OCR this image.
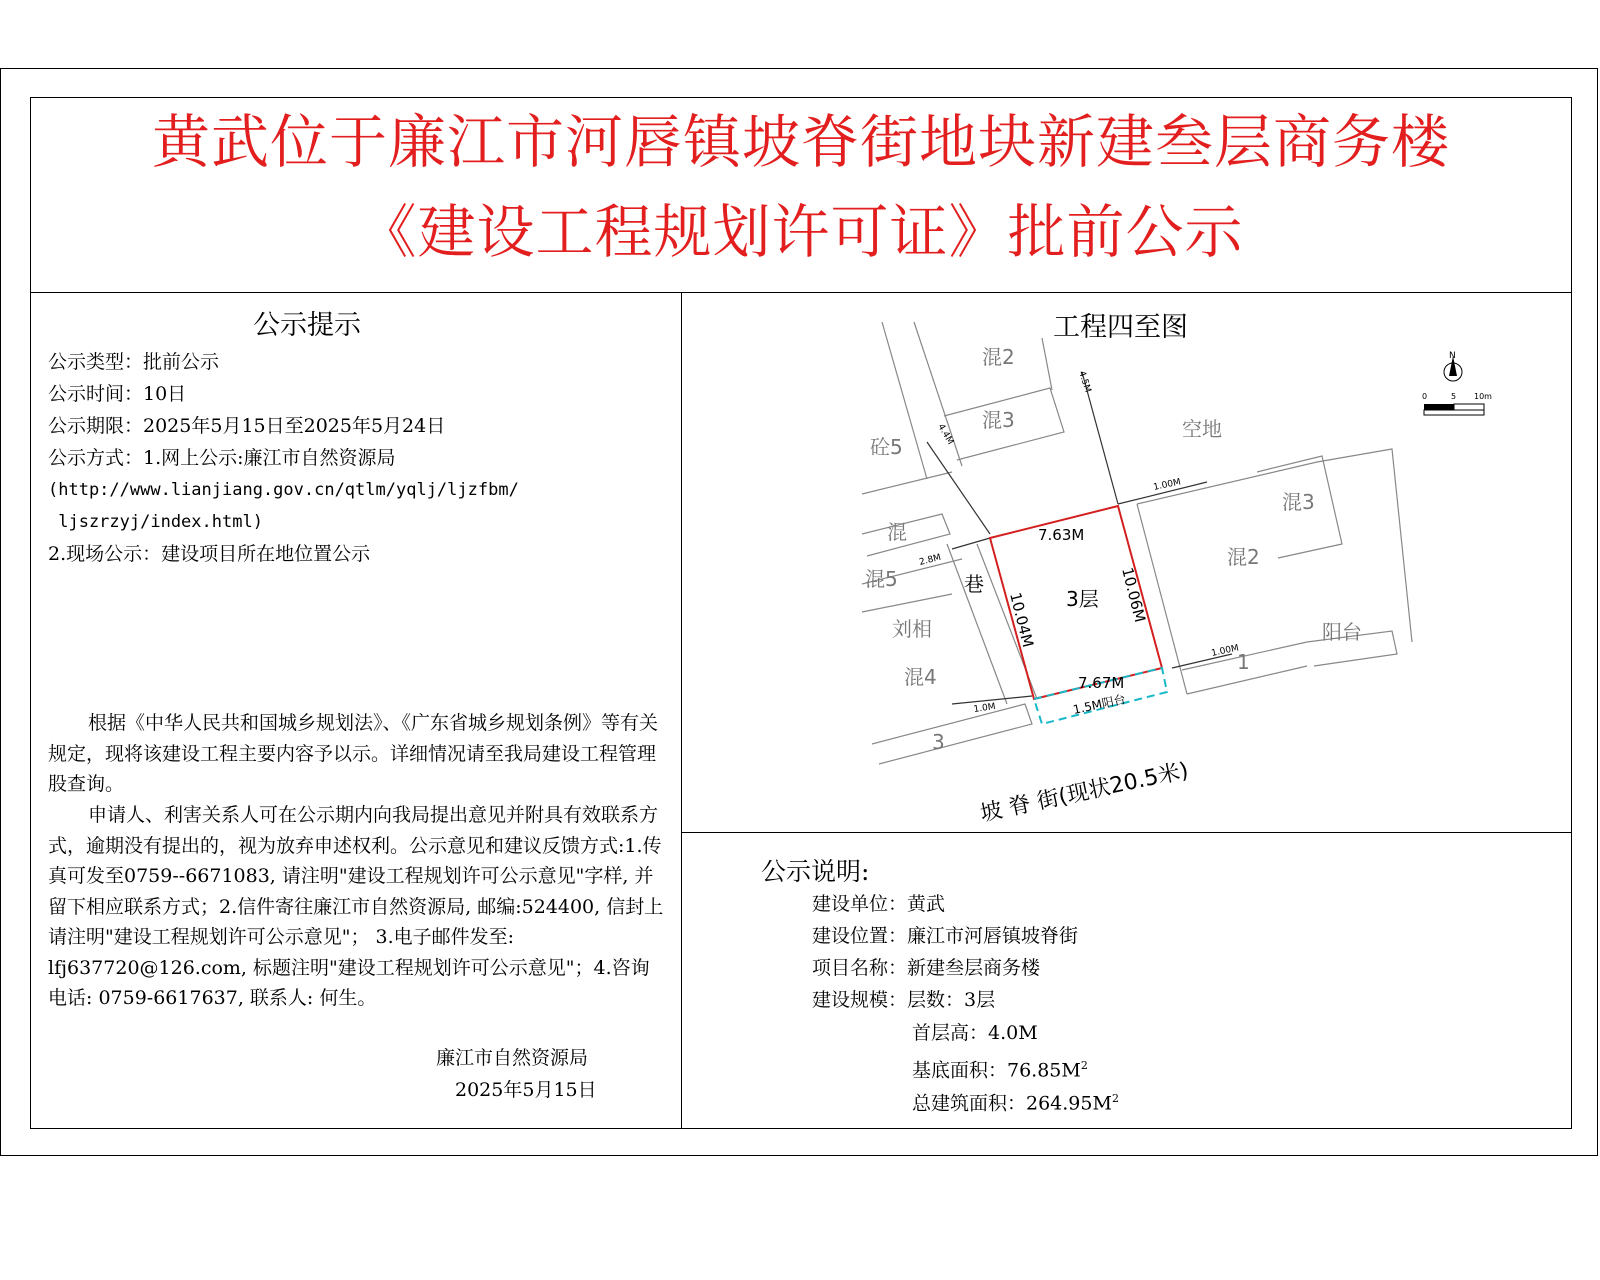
黄武位于廉江市河唇镇坡脊街地块新建叁层商务楼
《建设工程规划许可证》批前公示
公示提示
公示类型：批前公示
公示时间：10日
公示期限：2025年5月15日至2025年5月24日
公示方式：1.网上公示:廉江市自然资源局
(http://www.lianjiang.gov.cn/qtlm/yqlj/ljzfbm/
ljszrzyj/index.html)
2.现场公示：建设项目所在地位置公示
根据《中华人民共和国城乡规划法》、《广东省城乡规划条例》等有关规定，现将该建设工程主要内容予以示。详细情况请至我局建设工程管理股查询。
申请人、利害关系人可在公示期内向我局提出意见并附具有效联系方式，逾期没有提出的，视为放弃申述权利。公示意见和建议反馈方式:1.传真可发至0759--6671083, 请注明"建设工程规划许可公示意见"字样, 并留下相应联系方式；2.信件寄往廉江市自然资源局, 邮编:524400, 信封上请注明"建设工程规划许可公示意见"； 3.电子邮件发至: lfj637720@126.com, 标题注明"建设工程规划许可公示意见"；4.咨询电话: 0759-6617637, 联系人: 何生。
廉江市自然资源局
2025年5月15日
工程四至图
混2
混3
砼5
空地
混3
混2
混
混5
刘相
混4
3
1
阳台
巷
3层
7.63M
7.67M
10.04M	10.06M
1.5M阳台
1.00M
1.00M
1.0M
2.8M
4.5M
4.4M
坡 脊 街(现状20.5米)
N
0	5 10m
公示说明:
建设单位：黄武
建设位置：廉江市河唇镇坡脊街
项目名称：新建叁层商务楼
建设规模：层数：3层
首层高：4.0M
基底面积：$76.85M^2$
总建筑面积：$264.95M^2$
